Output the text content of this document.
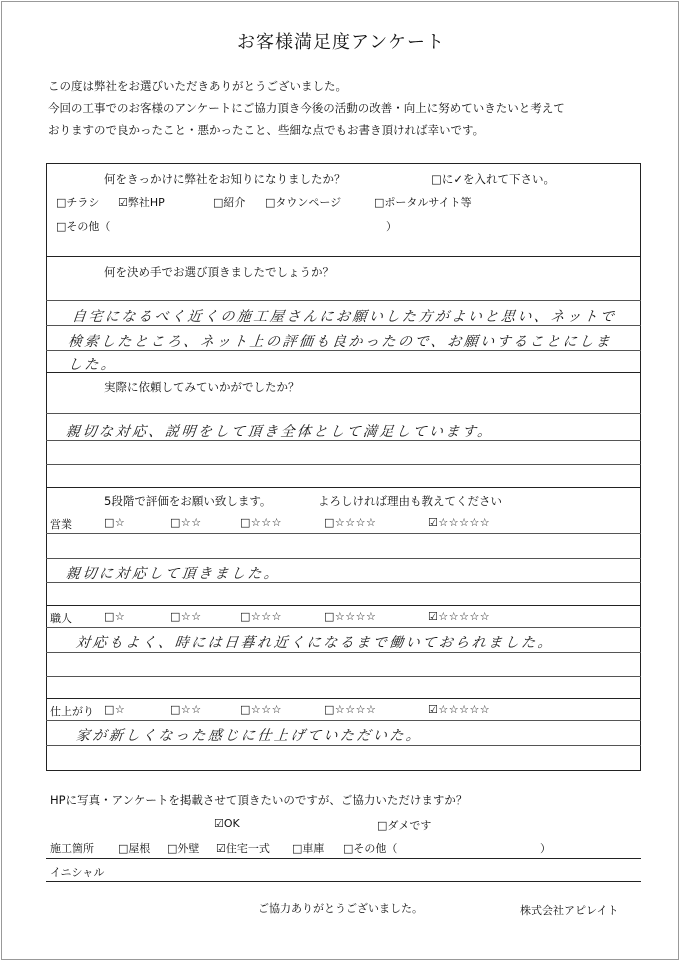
お客様満足度アンケート
この度は弊社をお選びいただきありがとうございました。
今回の工事でのお客様のアンケートにご協力頂き今後の活動の改善・向上に努めていきたいと考えて
おりますので良かったこと・悪かったこと、些細な点でもお書き頂ければ幸いです。
何をきっかけに弊社をお知りになりましたか？	□に✓を入れて下さい。
□チラシ ☑弊社HP	□紹介 □タウンページ	□ポータルサイト等
□その他（	）
何を決め手でお選び頂きましたでしょうか？
自宅になるべく近くの施工屋さんにお願いした方がよいと思い、ネットで
検索したところ、ネット上の評価も良かったので、お願いすることにしま
した。
実際に依頼してみていかがでしたか？
親切な対応、説明をして頂き全体として満足しています。
5段階で評価をお願い致します。	よろしければ理由も教えてください
営業	□☆	□☆☆	□☆☆☆	□☆☆☆☆	☑☆☆☆☆☆
親切に対応して頂きました。
職人	□☆	□☆☆	□☆☆☆	□☆☆☆☆	☑☆☆☆☆☆
対応もよく、時には日暮れ近くになるまで働いておられました。
仕上がり □☆	□☆☆	□☆☆☆	□☆☆☆☆	☑☆☆☆☆☆
家が新しくなった感じに仕上げていただいた。
HPに写真・アンケートを掲載させて頂きたいのですが、ご協力いただけますか？
☑OK	□ダメです
施工箇所 □屋根 □外壁 ☑住宅一式 □車庫 □その他（	）
イニシャル
ご協力ありがとうございました。	株式会社アピレイト
